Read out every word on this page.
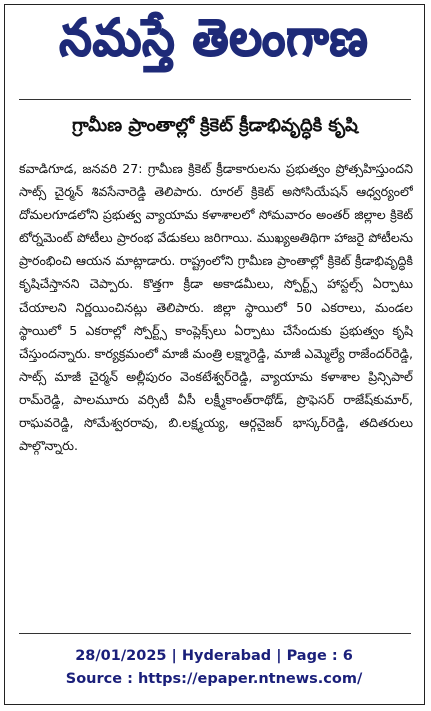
నమస్తే తెలంగాణ
గ్రామీణ ప్రాంతాల్లో క్రికెట్ క్రీడాభివృద్ధికి కృషి
కవాడిగూడ, జనవరి 27: గ్రామీణ క్రికెట్ క్రీడాకారులను ప్రభుత్వం ప్రోత్సహిస్తుందని సాట్స్ చైర్మన్ శివసేనారెడ్డి తెలిపారు. రూరల్ క్రికెట్ అసోసియేషన్ ఆధ్వర్యంలో దోమలగూడలోని ప్రభుత్వ వ్యాయామ కళాశాలలో సోమవారం అంతర్ జిల్లాల క్రికెట్ టోర్నమెంట్ పోటీలు ప్రారంభ వేడుకలు జరిగాయి. ముఖ్యఅతిథిగా హాజరై పోటీలను ప్రారంభించి ఆయన మాట్లాడారు. రాష్ట్రంలోని గ్రామీణ ప్రాంతాల్లో క్రికెట్ క్రీడాభివృద్ధికి కృషిచేస్తానని చెప్పారు. కొత్తగా క్రీడా అకాడమీలు, స్పోర్ట్స్ హాస్టల్స్ ఏర్పాటు చేయాలని నిర్ణయించినట్లు తెలిపారు. జిల్లా స్థాయిలో 50 ఎకరాలు, మండల స్థాయిలో 5 ఎకరాల్లో స్పోర్ట్స్ కాంప్లెక్స్‌లు ఏర్పాటు చేసేందుకు ప్రభుత్వం కృషి చేస్తుందన్నారు. కార్యక్రమంలో మాజీ మంత్రి లక్ష్మారెడ్డి, మాజీ ఎమ్మెల్యే రాజేందర్‌రెడ్డి, సాట్స్ మాజీ చైర్మన్ అల్లీపురం వెంకటేశ్వర్‌రెడ్డి, వ్యాయామ కళాశాల ప్రిన్సిపాల్ రామ్‌రెడ్డి, పాలమూరు వర్సిటీ వీసీ లక్ష్మీకాంత్‌రాథోడ్, ప్రొఫెసర్ రాజేష్‌కుమార్, రాఘవరెడ్డి, సోమేశ్వరరావు, బి.లక్ష్మయ్య, ఆర్గనైజర్ భాస్కర్‌రెడ్డి, తదితరులు పాల్గొన్నారు.
28/01/2025 | Hyderabad | Page : 6
Source : https://epaper.ntnews.com/
